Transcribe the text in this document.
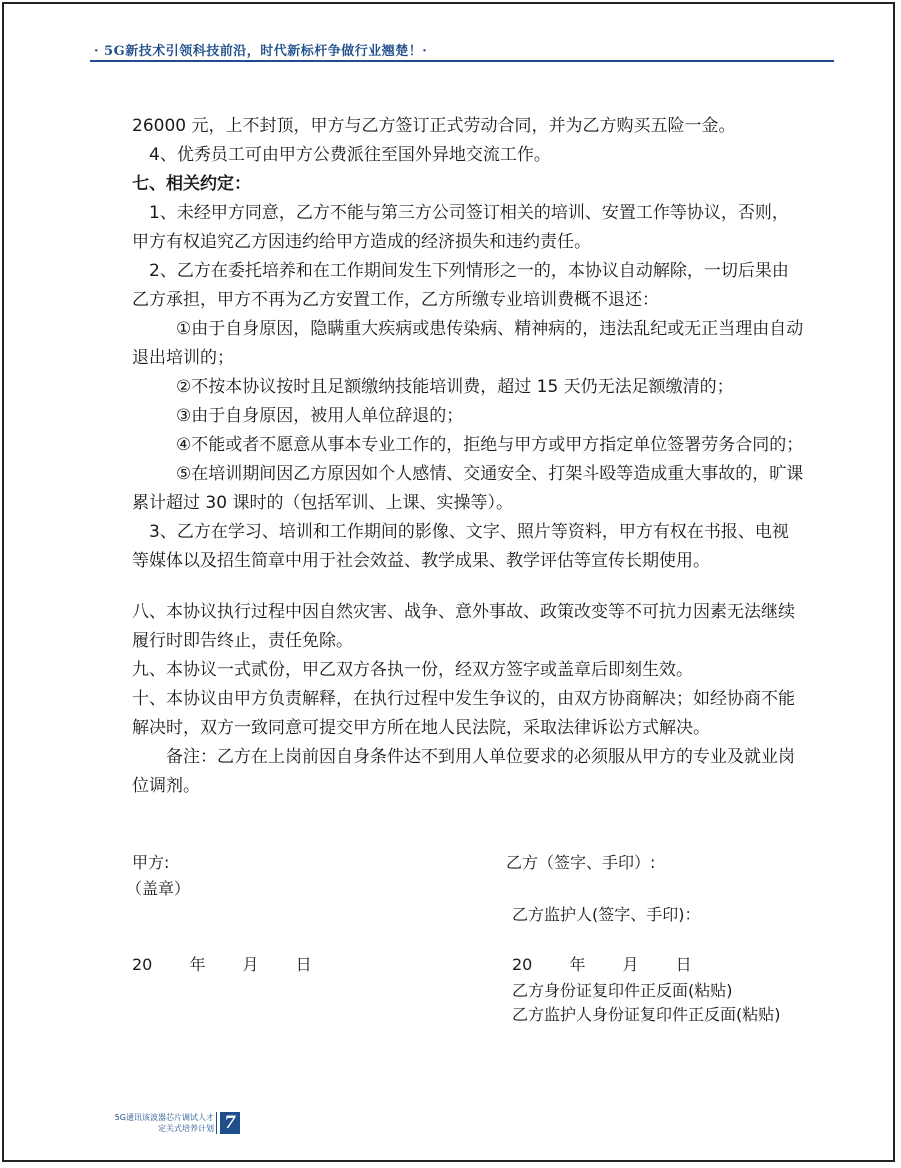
· 5G新技术引领科技前沿，时代新标杆争做行业翘楚！·

26000 元，上不封顶，甲方与乙方签订正式劳动合同，并为乙方购买五险一金。

4、优秀员工可由甲方公费派往至国外异地交流工作。

七、相关约定：

1、未经甲方同意，乙方不能与第三方公司签订相关的培训、安置工作等协议，否则，甲方有权追究乙方因违约给甲方造成的经济损失和违约责任。

2、乙方在委托培养和在工作期间发生下列情形之一的，本协议自动解除，一切后果由乙方承担，甲方不再为乙方安置工作，乙方所缴专业培训费概不退还：

①由于自身原因，隐瞒重大疾病或患传染病、精神病的，违法乱纪或无正当理由自动退出培训的；

②不按本协议按时且足额缴纳技能培训费，超过 15 天仍无法足额缴清的；

③由于自身原因，被用人单位辞退的；

④不能或者不愿意从事本专业工作的，拒绝与甲方或甲方指定单位签署劳务合同的；

⑤在培训期间因乙方原因如个人感情、交通安全、打架斗殴等造成重大事故的，旷课累计超过 30 课时的（包括军训、上课、实操等）。

3、乙方在学习、培训和工作期间的影像、文字、照片等资料，甲方有权在书报、电视等媒体以及招生简章中用于社会效益、教学成果、教学评估等宣传长期使用。

八、本协议执行过程中因自然灾害、战争、意外事故、政策改变等不可抗力因素无法继续履行时即告终止，责任免除。

九、本协议一式贰份，甲乙双方各执一份，经双方签字或盖章后即刻生效。

十、本协议由甲方负责解释，在执行过程中发生争议的，由双方协商解决；如经协商不能解决时，双方一致同意可提交甲方所在地人民法院，采取法律诉讼方式解决。

备注：乙方在上岗前因自身条件达不到用人单位要求的必须服从甲方的专业及就业岗位调剂。

甲方:
（盖章）
乙方（签字、手印）:
乙方监护人(签字、手印)：
20　　 年　　 月　　 日	20　　 年　　 月　　 日
乙方身份证复印件正反面(粘贴)
乙方监护人身份证复印件正反面(粘贴)
5G通讯该波器芯片调试人才
定关式培养计划 7
